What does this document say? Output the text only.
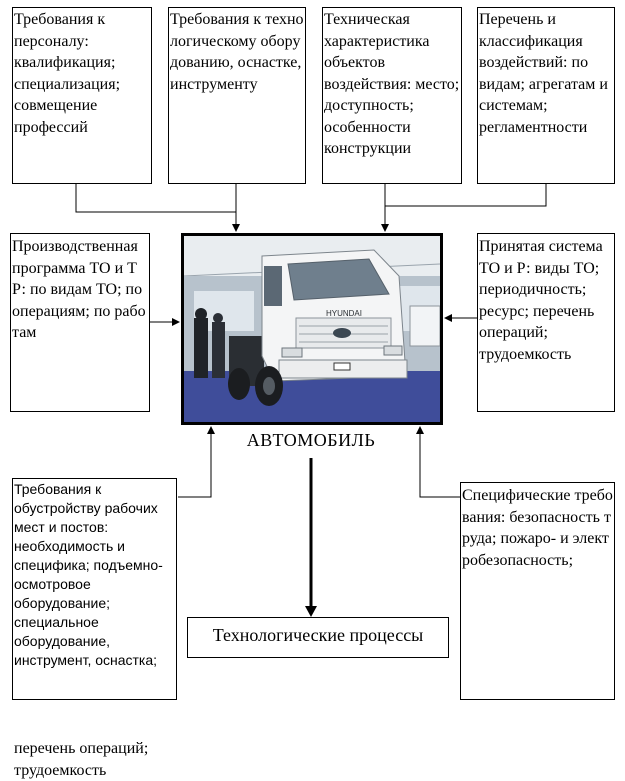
Требования к персоналу: квалификация; специализация; совмещение профессий

Требования к технологическому оборудованию, оснастке, инструменту

Техническая характеристика объектов воздействия: место; доступность; особенности конструкции

Перечень и классификация воздействий: по видам; агрегатам и системам; регламентности

Производственная программа ТО и ТР: по видам ТО; по операциям; по работам

Принятая система ТО и Р: виды ТО; периодичность; ресурс; перечень операций; трудоемкость

HYUNDAI
АВТОМОБИЛЬ

Требования к обустройству рабочих мест и постов: необходимость и специфика; подъемно-осмотровое оборудование; специальное оборудование, инструмент, оснастка;

перечень операций; трудоемкость

Специфические требования: безопасность труда; пожаро- и электробезопасность;

Технологические процессы
